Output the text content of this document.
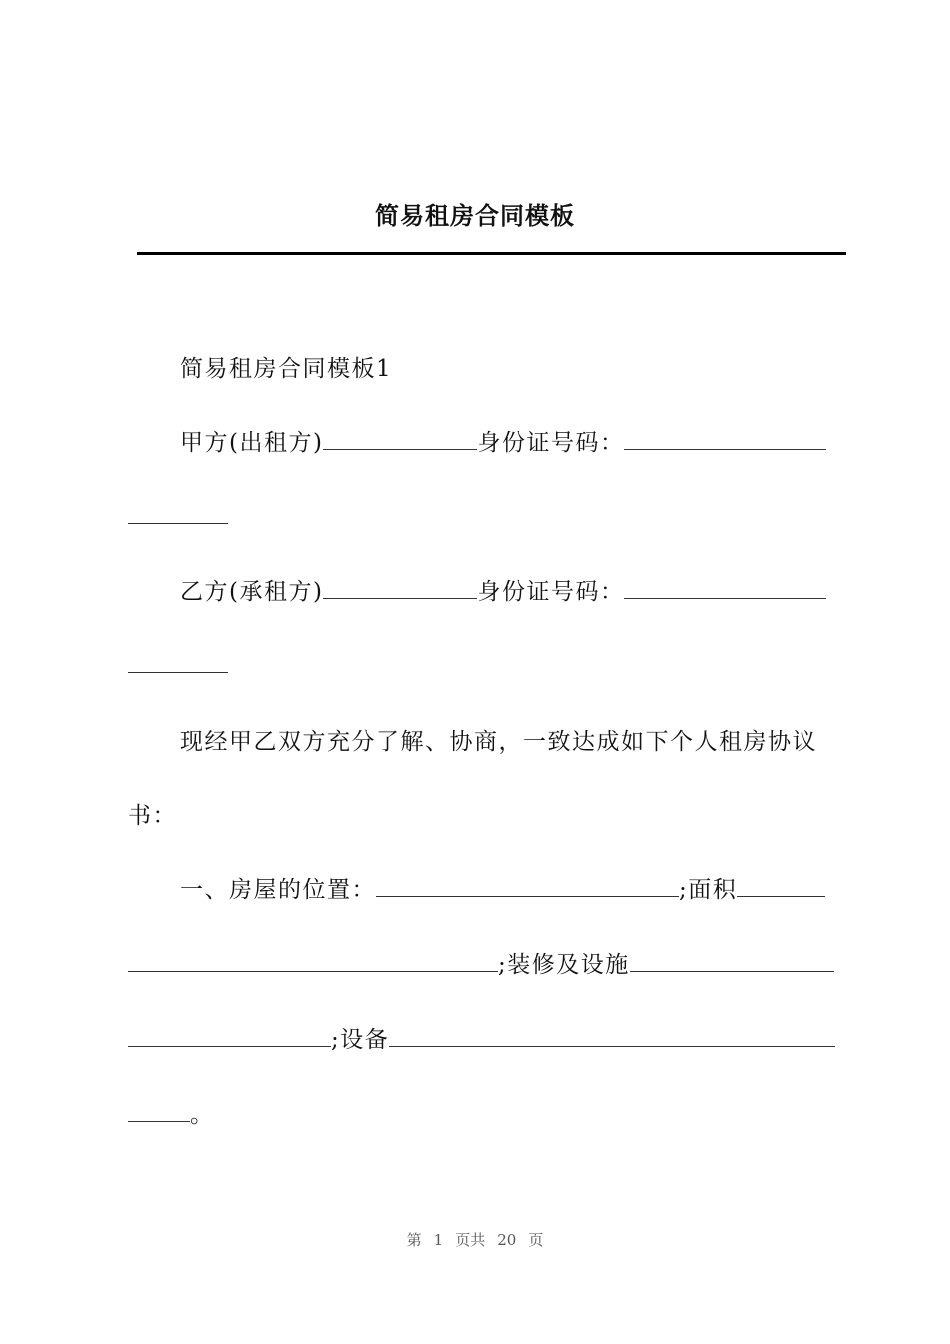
简易租房合同模板
简易租房合同模板1
甲方(出租方)	身份证号码：
乙方(承租方)	身份证号码：
现经甲乙双方充分了解、协商，一致达成如下个人租房协议
书：
一、房屋的位置：	;面积
;装修及设施
;设备
。
第 1 页共 20 页
